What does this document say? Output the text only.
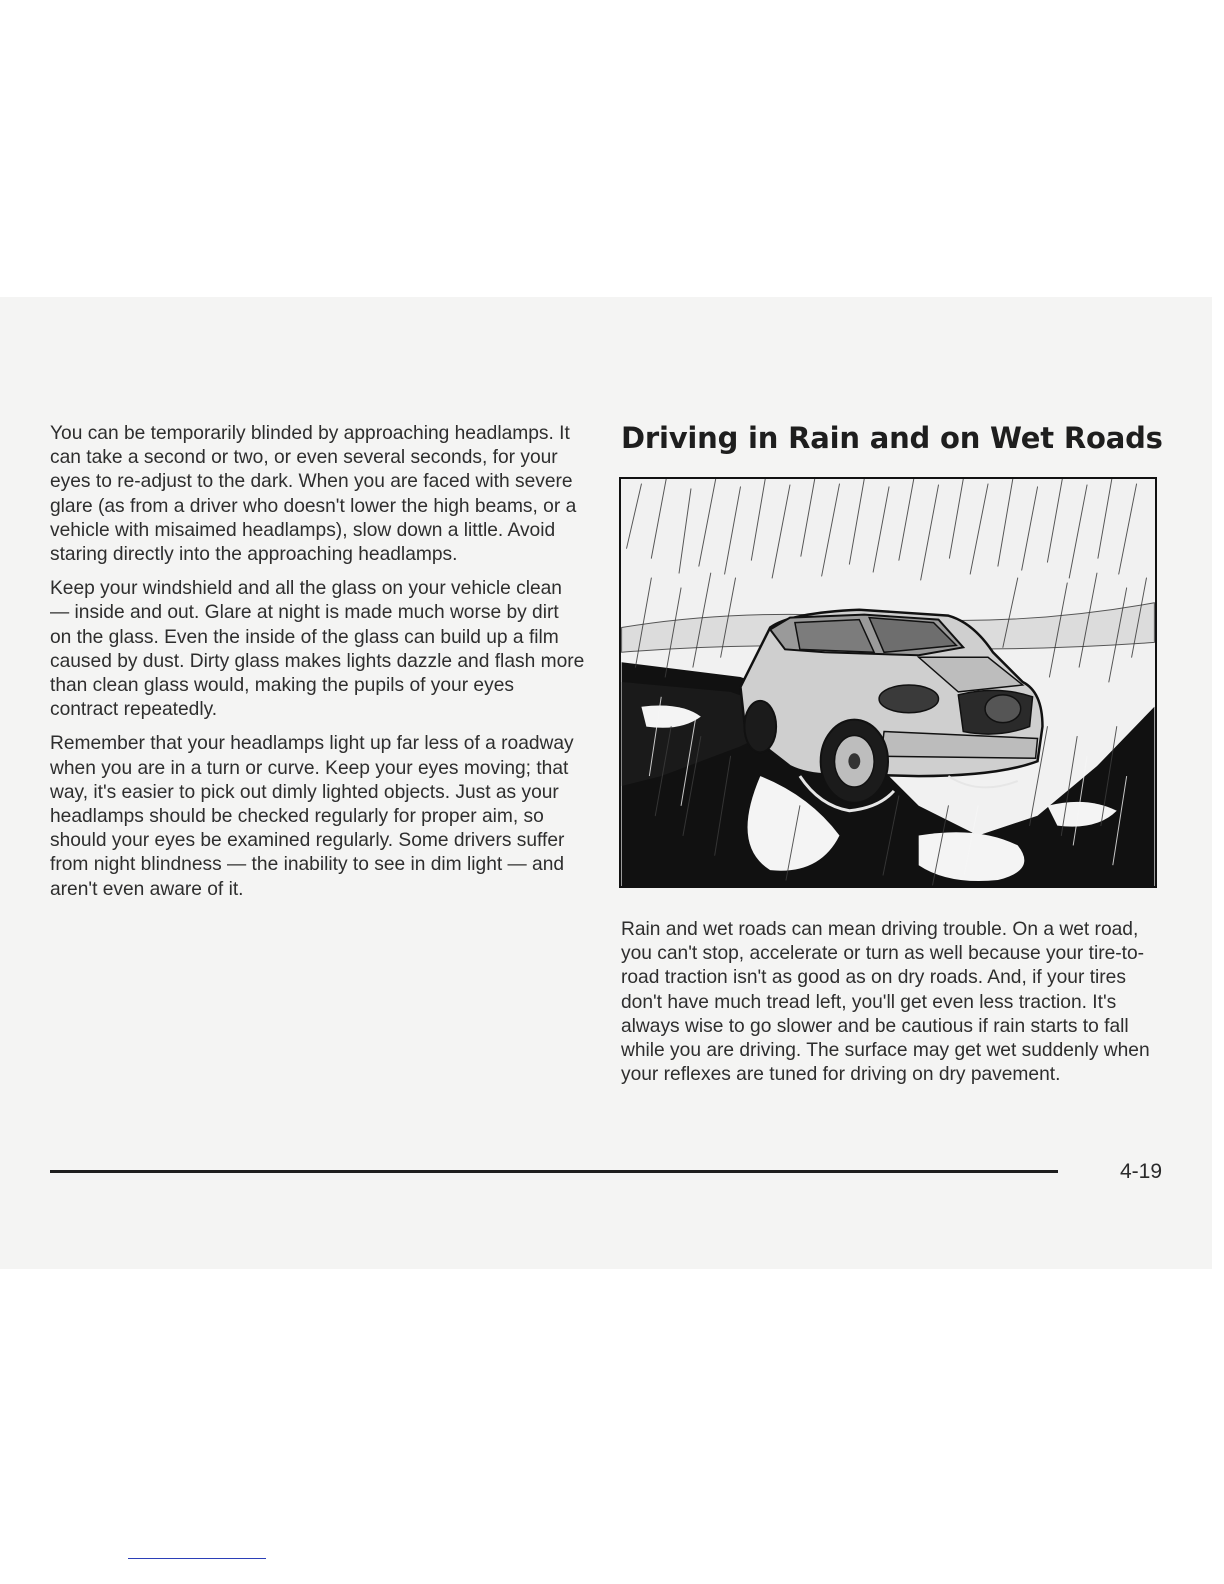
You can be temporarily blinded by approaching headlamps. It can take a second or two, or even several seconds, for your eyes to re-adjust to the dark. When you are faced with severe glare (as from a driver who doesn't lower the high beams, or a vehicle with misaimed headlamps), slow down a little. Avoid staring directly into the approaching headlamps.

Keep your windshield and all the glass on your vehicle clean — inside and out. Glare at night is made much worse by dirt on the glass. Even the inside of the glass can build up a film caused by dust. Dirty glass makes lights dazzle and flash more than clean glass would, making the pupils of your eyes contract repeatedly.

Remember that your headlamps light up far less of a roadway when you are in a turn or curve. Keep your eyes moving; that way, it's easier to pick out dimly lighted objects. Just as your headlamps should be checked regularly for proper aim, so should your eyes be examined regularly. Some drivers suffer from night blindness — the inability to see in dim light — and aren't even aware of it.

Driving in Rain and on Wet Roads

Rain and wet roads can mean driving trouble. On a wet road, you can't stop, accelerate or turn as well because your tire-to-road traction isn't as good as on dry roads. And, if your tires don't have much tread left, you'll get even less traction. It's always wise to go slower and be cautious if rain starts to fall while you are driving. The surface may get wet suddenly when your reflexes are tuned for driving on dry pavement.

4-19
